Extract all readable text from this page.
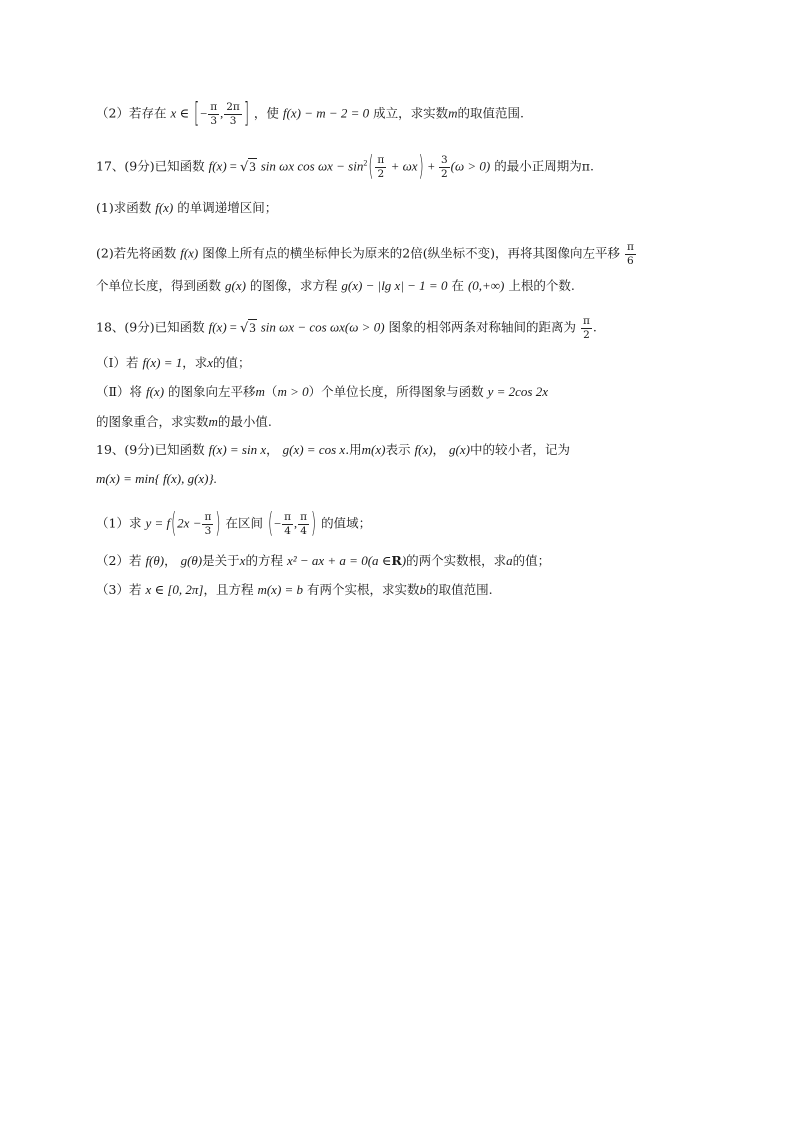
（2）若存在 x ∈ [− $\frac{\pi}{3}$ , $\frac{2\pi}{3}$ ] ，使 f(x) − m − 2 = 0 成立，求实数m的取值范围.
17、(9分)已知函数 f(x) = √3 sin ωx $\cos \omega x - \sin^2( \frac{\pi}{2} + \omega x) + \frac{3}{2} (\omega > 0)$ 的最小正周期为π.
(1)求函数 f(x) 的单调递增区间；
(2)若先将函数 f(x) 图像上所有点的横坐标伸长为原来的2倍(纵坐标不变)，再将其图像向左平移 $\frac{\pi}{6}$
个单位长度，得到函数 g(x) 的图像，求方程 g(x) − |lg x| − 1 = 0 在 (0,+∞) 上根的个数.
18、(9分)已知函数 f(x) = √3 sin ωx − cos ωx(ω > 0) 图象的相邻两条对称轴间的距离为 $\frac{\pi}{2}$ .
（Ⅰ）若 f(x) = 1，求x的值；
（Ⅱ）将 f(x) 的图象向左平移m（m > 0）个单位长度，所得图象与函数 y = 2cos 2x
的图象重合，求实数m的最小值.
19、(9分)已知函数 f(x) = sin x， g(x) = cos x.用m(x)表示 f(x)， g(x)中的较小者，记为
m(x) = min{ f(x), g(x)}.
（1）求 $y = f(2x - \frac{\pi}{3}$ ) 在区间 (− $\frac{\pi}{4}$ , $\frac{\pi}{4}$ ) 的值域；
（2）若 f(θ)， g(θ)是关于x的方程 x² − ax + a = 0(a ∈R)的两个实数根，求a的值；
（3）若 x ∈ [0, 2π]，且方程 m(x) = b 有两个实根，求实数b的取值范围.
